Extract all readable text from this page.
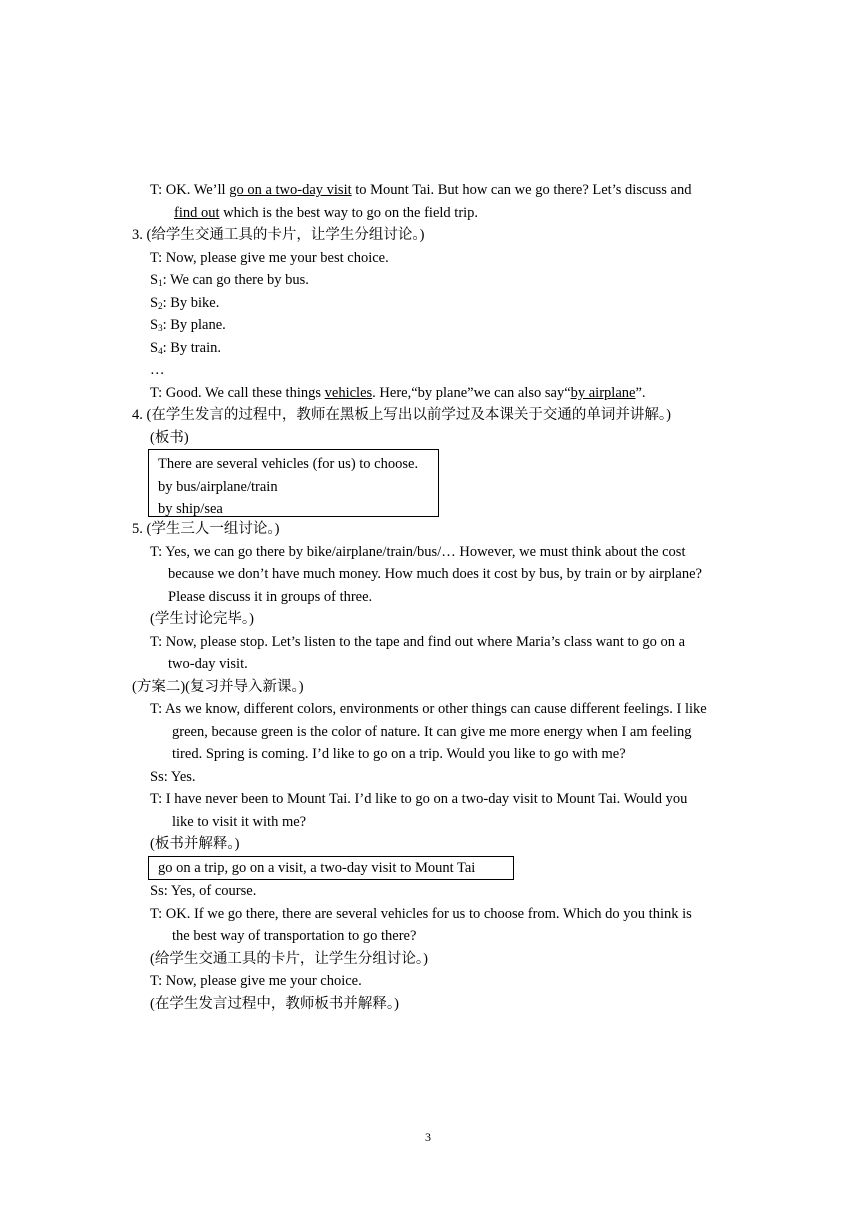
T: OK. We’ll go on a two-day visit to Mount Tai. But how can we go there? Let’s discuss and
find out which is the best way to go on the field trip.
3. (给学生交通工具的卡片，让学生分组讨论。)
T: Now, please give me your best choice.
$S_1$: We can go there by bus.
$S_2$: By bike.
$S_3$: By plane.
$S_4$: By train.
…
T: Good. We call these things vehicles. Here,“by plane”we can also say“by airplane”.
4. (在学生发言的过程中，教师在黑板上写出以前学过及本课关于交通的单词并讲解。)
(板书)
There are several vehicles (for us) to choose.
by bus/airplane/train
by ship/sea
5. (学生三人一组讨论。)
T: Yes, we can go there by bike/airplane/train/bus/… However, we must think about the cost
because we don’t have much money. How much does it cost by bus, by train or by airplane?
Please discuss it in groups of three.
(学生讨论完毕。)
T: Now, please stop. Let’s listen to the tape and find out where Maria’s class want to go on a
two-day visit.
(方案二)(复习并导入新课。)
T: As we know, different colors, environments or other things can cause different feelings. I like
green, because green is the color of nature. It can give me more energy when I am feeling
tired. Spring is coming. I’d like to go on a trip. Would you like to go with me?
Ss: Yes.
T: I have never been to Mount Tai. I’d like to go on a two-day visit to Mount Tai. Would you
like to visit it with me?
(板书并解释。)
go on a trip, go on a visit, a two-day visit to Mount Tai
Ss: Yes, of course.
T: OK. If we go there, there are several vehicles for us to choose from. Which do you think is
the best way of transportation to go there?
(给学生交通工具的卡片，让学生分组讨论。)
T: Now, please give me your choice.
(在学生发言过程中，教师板书并解释。)
3
